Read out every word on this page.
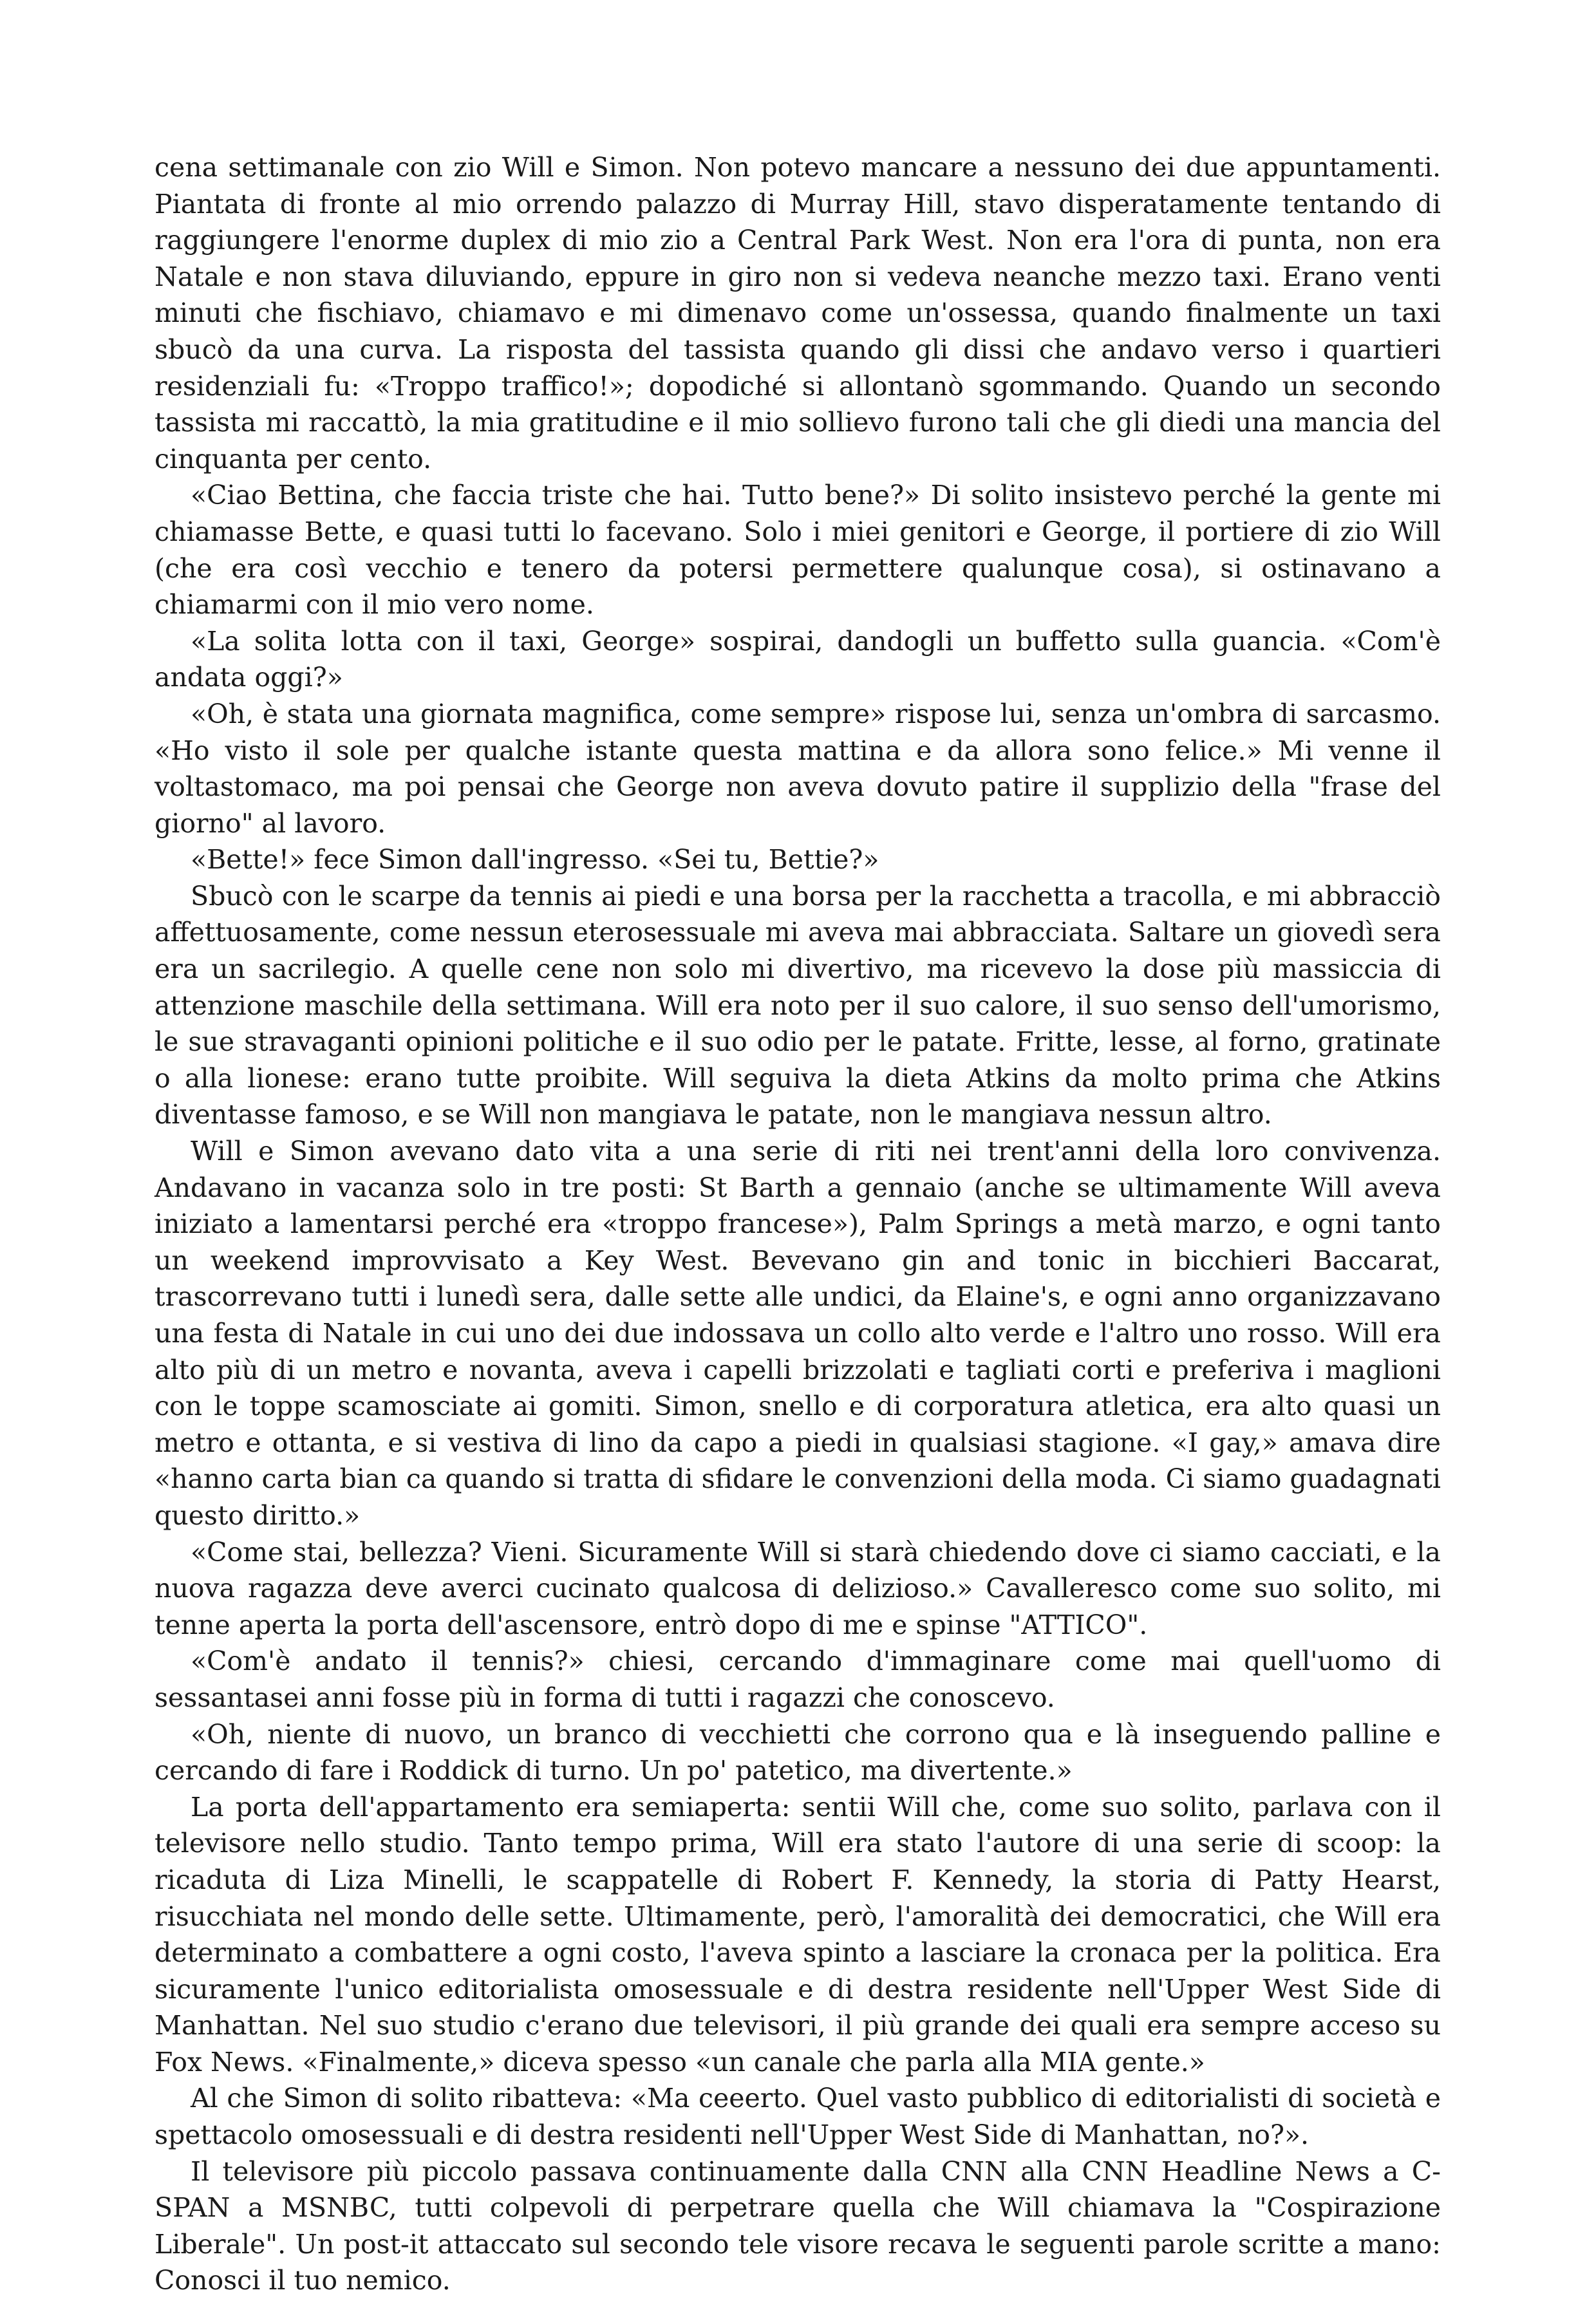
cena settimanale con zio Will e Simon. Non potevo mancare a nessuno dei due appuntamenti. Piantata di fronte al mio orrendo palazzo di Murray Hill, stavo disperatamente tentando di raggiungere l'enorme duplex di mio zio a Central Park West. Non era l'ora di punta, non era Natale e non stava diluviando, eppure in giro non si vedeva neanche mezzo taxi. Erano venti minuti che fischiavo, chiamavo e mi dimenavo come un'ossessa, quando finalmente un taxi sbucò da una curva. La risposta del tassista quando gli dissi che andavo verso i quartieri residenziali fu: «Troppo traffico!»; dopodiché si allontanò sgommando. Quando un secondo tassista mi raccattò, la mia gratitudine e il mio sollievo furono tali che gli diedi una mancia del cinquanta per cento.

«Ciao Bettina, che faccia triste che hai. Tutto bene?» Di solito insistevo perché la gente mi chiamasse Bette, e quasi tutti lo facevano. Solo i miei genitori e George, il portiere di zio Will (che era così vecchio e tenero da potersi permettere qualunque cosa), si ostinavano a chiamarmi con il mio vero nome.

«La solita lotta con il taxi, George» sospirai, dandogli un buffetto sulla guancia. «Com'è andata oggi?»

«Oh, è stata una giornata magnifica, come sempre» rispose lui, senza un'ombra di sarcasmo. «Ho visto il sole per qualche istante questa mattina e da allora sono felice.» Mi venne il voltastomaco, ma poi pensai che George non aveva dovuto patire il supplizio della "frase del giorno" al lavoro.

«Bette!» fece Simon dall'ingresso. «Sei tu, Bettie?»

Sbucò con le scarpe da tennis ai piedi e una borsa per la racchetta a tracolla, e mi abbracciò affettuosamente, come nessun eterosessuale mi aveva mai abbracciata. Saltare un giovedì sera era un sacrilegio. A quelle cene non solo mi divertivo, ma ricevevo la dose più massiccia di attenzione maschile della settimana. Will era noto per il suo calore, il suo senso dell'umorismo, le sue stravaganti opinioni politiche e il suo odio per le patate. Fritte, lesse, al forno, gratinate o alla lionese: erano tutte proibite. Will seguiva la dieta Atkins da molto prima che Atkins diventasse famoso, e se Will non mangiava le patate, non le mangiava nessun altro.

Will e Simon avevano dato vita a una serie di riti nei trent'anni della loro convivenza. Andavano in vacanza solo in tre posti: St Barth a gennaio (anche se ultimamente Will aveva iniziato a lamentarsi perché era «troppo francese»), Palm Springs a metà marzo, e ogni tanto un weekend improvvisato a Key West. Bevevano gin and tonic in bicchieri Baccarat, trascorrevano tutti i lunedì sera, dalle sette alle undici, da Elaine's, e ogni anno organizzavano una festa di Natale in cui uno dei due indossava un collo alto verde e l'altro uno rosso. Will era alto più di un metro e novanta, aveva i capelli brizzolati e tagliati corti e preferiva i maglioni con le toppe scamosciate ai gomiti. Simon, snello e di corporatura atletica, era alto quasi un metro e ottanta, e si vestiva di lino da capo a piedi in qualsiasi stagione. «I gay,» amava dire «hanno carta bian ca quando si tratta di sfidare le convenzioni della moda. Ci siamo guadagnati questo diritto.»

«Come stai, bellezza? Vieni. Sicuramente Will si starà chiedendo dove ci siamo cacciati, e la nuova ragazza deve averci cucinato qualcosa di delizioso.» Cavalleresco come suo solito, mi tenne aperta la porta dell'ascensore, entrò dopo di me e spinse "ATTICO".

«Com'è andato il tennis?» chiesi, cercando d'immaginare come mai quell'uomo di sessantasei anni fosse più in forma di tutti i ragazzi che conoscevo.

«Oh, niente di nuovo, un branco di vecchietti che corrono qua e là inseguendo palline e cercando di fare i Roddick di turno. Un po' patetico, ma divertente.»

La porta dell'appartamento era semiaperta: sentii Will che, come suo solito, parlava con il televisore nello studio. Tanto tempo prima, Will era stato l'autore di una serie di scoop: la ricaduta di Liza Minelli, le scappatelle di Robert F. Kennedy, la storia di Patty Hearst, risucchiata nel mondo delle sette. Ultimamente, però, l'amoralità dei democratici, che Will era determinato a combattere a ogni costo, l'aveva spinto a lasciare la cronaca per la politica. Era sicuramente l'unico editorialista omosessuale e di destra residente nell'Upper West Side di Manhattan. Nel suo studio c'erano due televisori, il più grande dei quali era sempre acceso su Fox News. «Finalmente,» diceva spesso «un canale che parla alla MIA gente.»

Al che Simon di solito ribatteva: «Ma ceeerto. Quel vasto pubblico di editorialisti di società e spettacolo omosessuali e di destra residenti nell'Upper West Side di Manhattan, no?».

Il televisore più piccolo passava continuamente dalla CNN alla CNN Headline News a C-SPAN a MSNBC, tutti colpevoli di perpetrare quella che Will chiamava la "Cospirazione Liberale". Un post-it attaccato sul secondo tele visore recava le seguenti parole scritte a mano: Conosci il tuo nemico.
